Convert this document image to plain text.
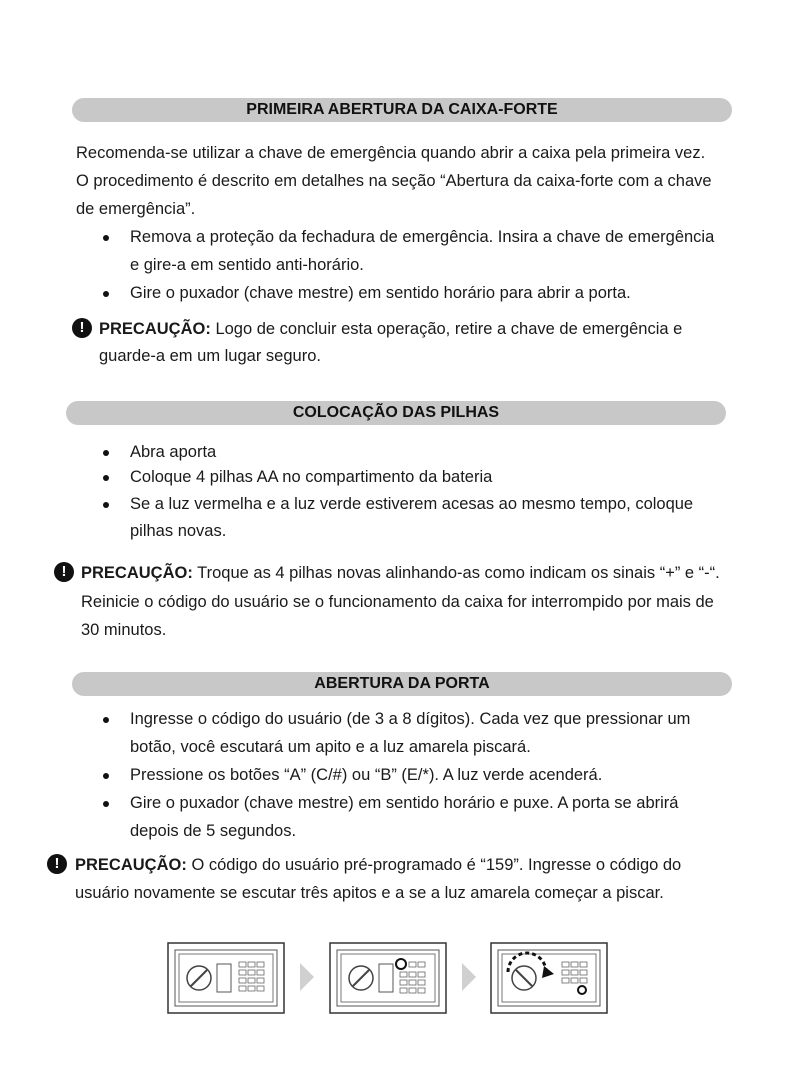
PRIMEIRA ABERTURA DA CAIXA-FORTE
Recomenda-se utilizar a chave de emergência quando abrir a caixa pela primeira vez.
O procedimento é descrito em detalhes na seção “Abertura da caixa-forte com a chave
de emergência”.
Remova a proteção da fechadura de emergência. Insira a chave de emergência
e gire-a em sentido anti-horário.
Gire o puxador (chave mestre) em sentido horário para abrir a porta.
! PRECAUÇÃO: Logo de concluir esta operação, retire a chave de emergência e
guarde-a em um lugar seguro.
COLOCAÇÃO DAS PILHAS
Abra aporta
Coloque 4 pilhas AA no compartimento da bateria
Se a luz vermelha e a luz verde estiverem acesas ao mesmo tempo, coloque
pilhas novas.
! PRECAUÇÃO: Troque as 4 pilhas novas alinhando-as como indicam os sinais “+” e “-“.
Reinicie o código do usuário se o funcionamento da caixa for interrompido por mais de
30 minutos.
ABERTURA DA PORTA
Ingresse o código do usuário (de 3 a 8 dígitos). Cada vez que pressionar um
botão, você escutará um apito e a luz amarela piscará.
Pressione os botões “A” (C/#) ou “B” (E/*). A luz verde acenderá.
Gire o puxador (chave mestre) em sentido horário e puxe. A porta se abrirá
depois de 5 segundos.
! PRECAUÇÃO: O código do usuário pré-programado é “159”. Ingresse o código do
usuário novamente se escutar três apitos e a se a luz amarela começar a piscar.
